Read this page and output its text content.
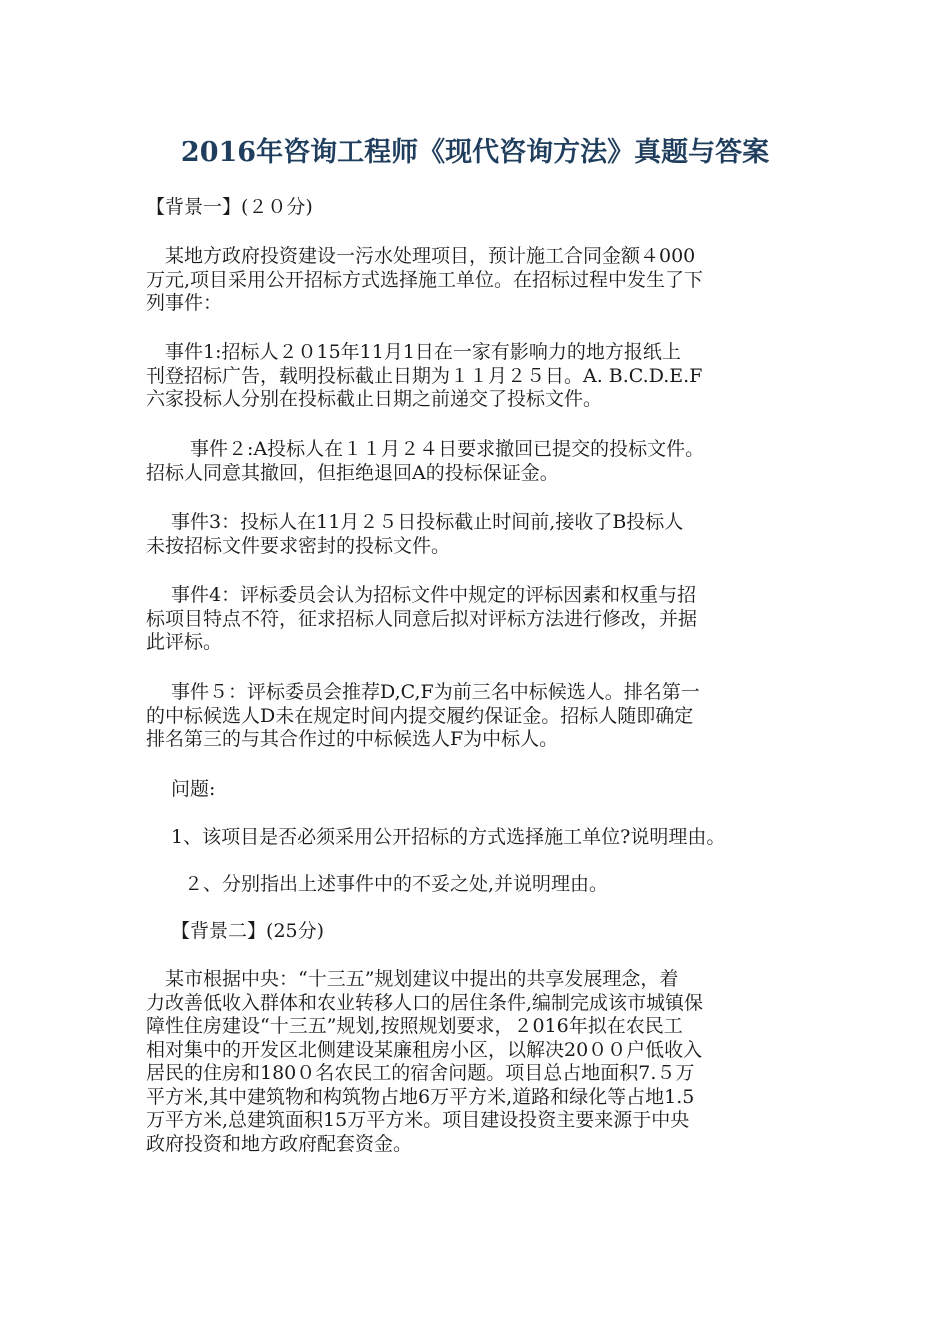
2016年咨询工程师《现代咨询方法》真题与答案
【背景一】(２０分)
　某地方政府投资建设一污水处理项目，预计施工合同金额４000
万元,项目采用公开招标方式选择施工单位。在招标过程中发生了下
列事件：
　事件1:招标人２０15年11月1日在一家有影响力的地方报纸上
刊登招标广告，载明投标截止日期为１１月２５日。A. B.C.D.E.F
六家投标人分别在投标截止日期之前递交了投标文件。
　　 事件２:A投标人在１１月２４日要求撤回已提交的投标文件。
招标人同意其撤回，但拒绝退回A的投标保证金。
　 事件3：投标人在11月２５日投标截止时间前,接收了B投标人
未按招标文件要求密封的投标文件。
　 事件4：评标委员会认为招标文件中规定的评标因素和权重与招
标项目特点不符，征求招标人同意后拟对评标方法进行修改，并据
此评标。
　 事件５：评标委员会推荐D,C,F为前三名中标候选人。排名第一
的中标候选人D未在规定时间内提交履约保证金。招标人随即确定
排名第三的与其合作过的中标候选人F为中标人。
　 问题:
　 1、该项目是否必须采用公开招标的方式选择施工单位?说明理由。
　　２、分别指出上述事件中的不妥之处,并说明理由。
　 【背景二】(25分)
　某市根据中央：“十三五”规划建议中提出的共享发展理念，着
力改善低收入群体和农业转移人口的居住条件,编制完成该市城镇保
障性住房建设“十三五”规划,按照规划要求，２016年拟在农民工
相对集中的开发区北侧建设某廉租房小区，以解决20００户低收入
居民的住房和180０名农民工的宿舍问题。项目总占地面积7.５万
平方米,其中建筑物和构筑物占地6万平方米,道路和绿化等占地1.5
万平方米,总建筑面积15万平方米。项目建设投资主要来源于中央
政府投资和地方政府配套资金。
